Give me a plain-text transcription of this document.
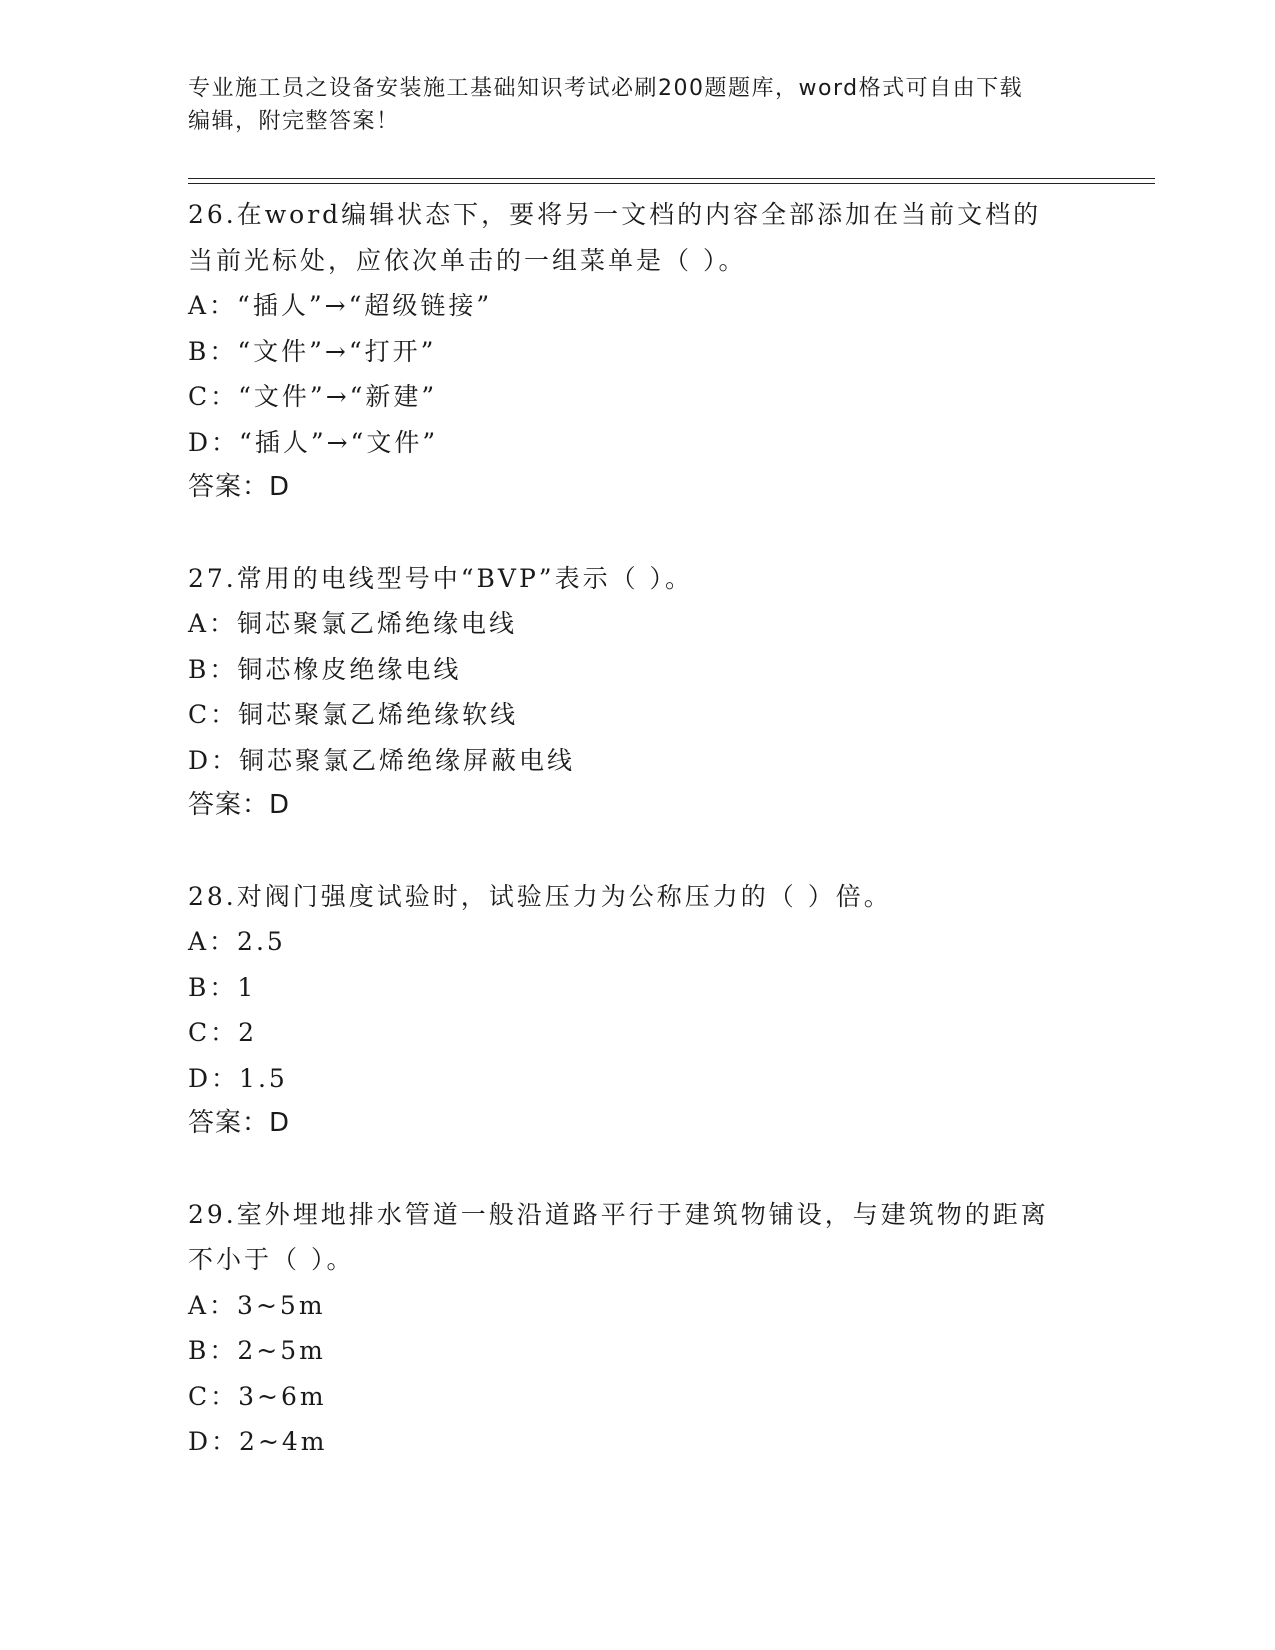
专业施工员之设备安装施工基础知识考试必刷200题题库，word格式可自由下载
编辑，附完整答案！
26.在word编辑状态下，要将另一文档的内容全部添加在当前文档的
当前光标处，应依次单击的一组菜单是（ ）。
A：“插人”→“超级链接”
B：“文件”→“打开”
C：“文件”→“新建”
D：“插人”→“文件”
答案：D
27.常用的电线型号中“BVP”表示（ ）。
A：铜芯聚氯乙烯绝缘电线
B：铜芯橡皮绝缘电线
C：铜芯聚氯乙烯绝缘软线
D：铜芯聚氯乙烯绝缘屏蔽电线
答案：D
28.对阀门强度试验时，试验压力为公称压力的（ ）倍。
A：2.5
B：1
C：2
D：1.5
答案：D
29.室外埋地排水管道一般沿道路平行于建筑物铺设，与建筑物的距离
不小于（ ）。
A：3~5m
B：2~5m
C：3~6m
D：2~4m
